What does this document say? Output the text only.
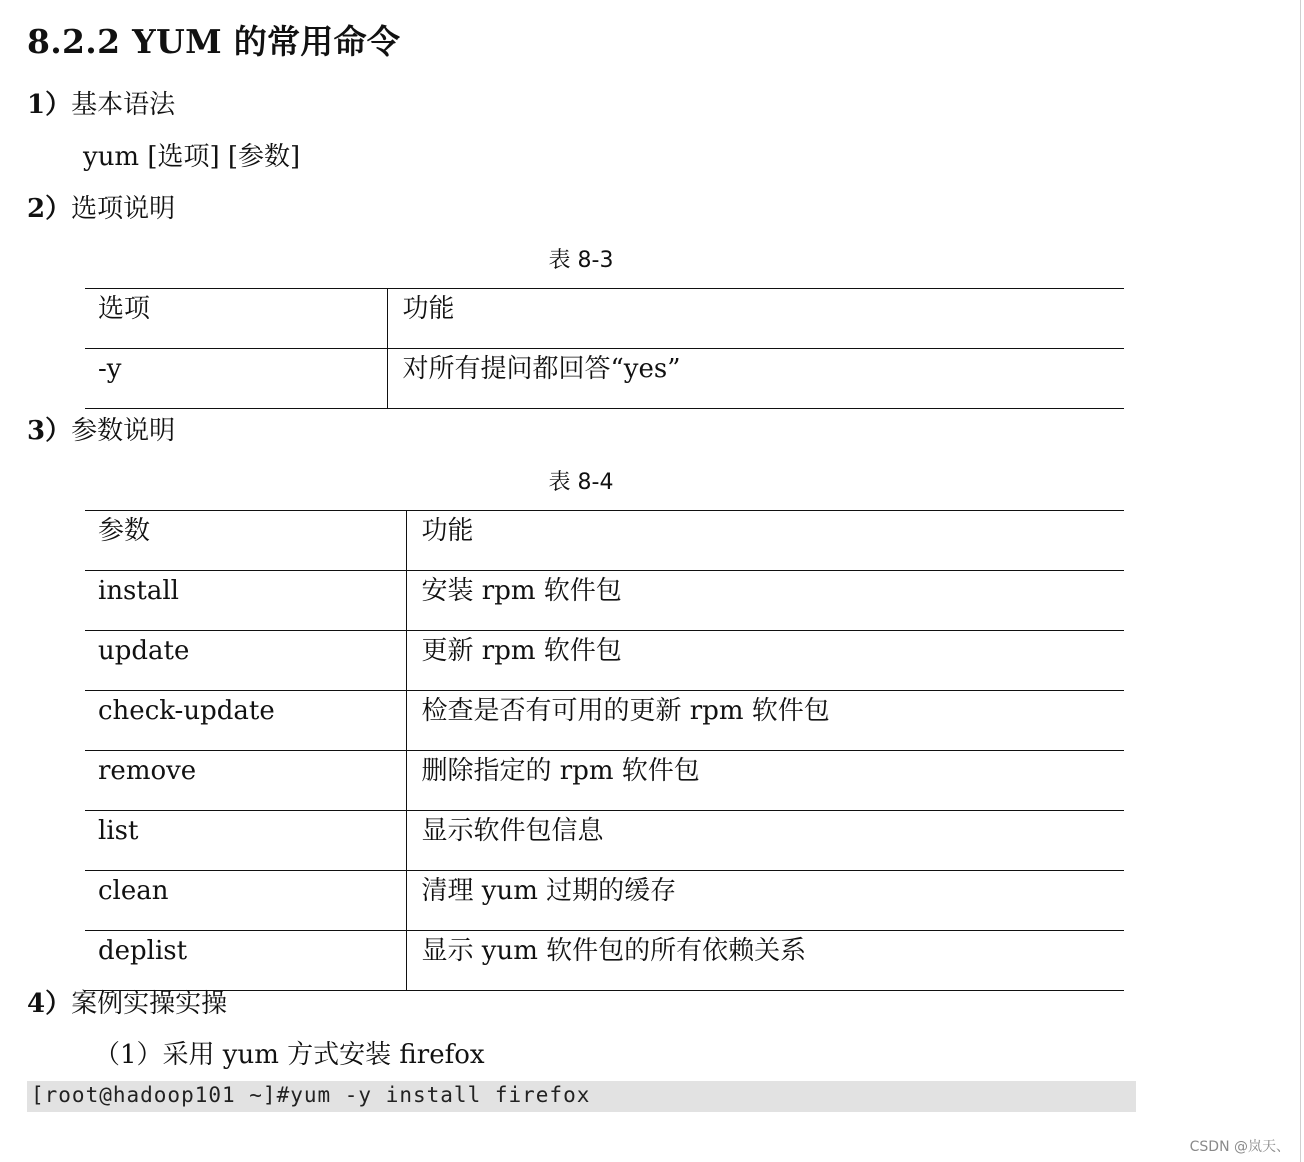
8.2.2 YUM 的常用命令
1）基本语法
yum [选项] [参数]
2）选项说明
表 8-3
选项	功能
-y	对所有提问都回答“yes”
3）参数说明
表 8-4
参数	功能
install	安装 rpm 软件包
update	更新 rpm 软件包
check-update	检查是否有可用的更新 rpm 软件包
remove	删除指定的 rpm 软件包
list	显示软件包信息
clean	清理 yum 过期的缓存
deplist	显示 yum 软件包的所有依赖关系
4）案例实操实操
（1）采用 yum 方式安装 firefox
[root@hadoop101 ~]#yum -y install firefox
CSDN @岚天、
